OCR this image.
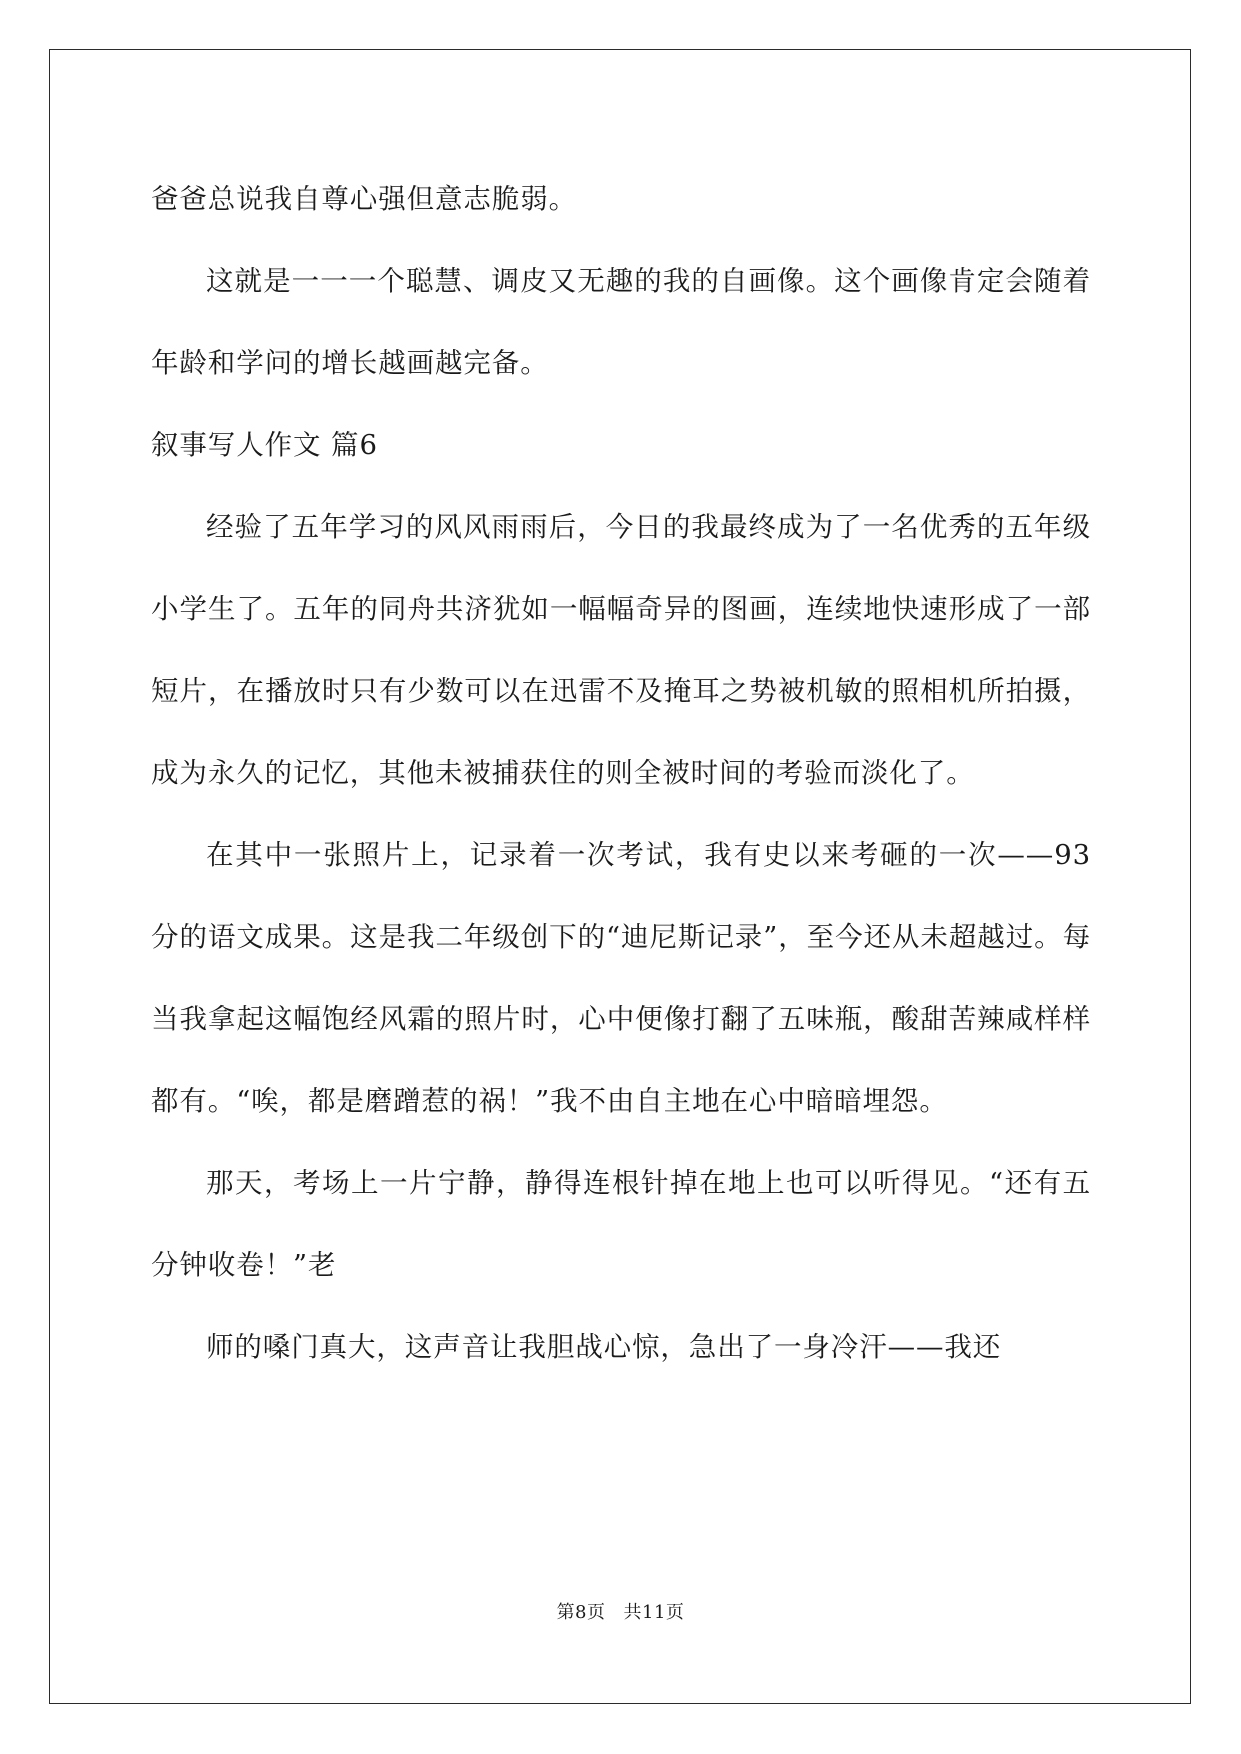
爸爸总说我自尊心强但意志脆弱。

这就是一一一个聪慧、调皮又无趣的我的自画像。这个画像肯定会随着年龄和学问的增长越画越完备。

叙事写人作文 篇6

经验了五年学习的风风雨雨后，今日的我最终成为了一名优秀的五年级小学生了。五年的同舟共济犹如一幅幅奇异的图画，连续地快速形成了一部短片，在播放时只有少数可以在迅雷不及掩耳之势被机敏的照相机所拍摄，成为永久的记忆，其他未被捕获住的则全被时间的考验而淡化了。

在其中一张照片上，记录着一次考试，我有史以来考砸的一次——93分的语文成果。这是我二年级创下的“迪尼斯记录”，至今还从未超越过。每当我拿起这幅饱经风霜的照片时，心中便像打翻了五味瓶，酸甜苦辣咸样样都有。“唉，都是磨蹭惹的祸！”我不由自主地在心中暗暗埋怨。

那天，考场上一片宁静，静得连根针掉在地上也可以听得见。“还有五分钟收卷！”老

师的嗓门真大，这声音让我胆战心惊，急出了一身冷汗——我还

第8页 共11页
